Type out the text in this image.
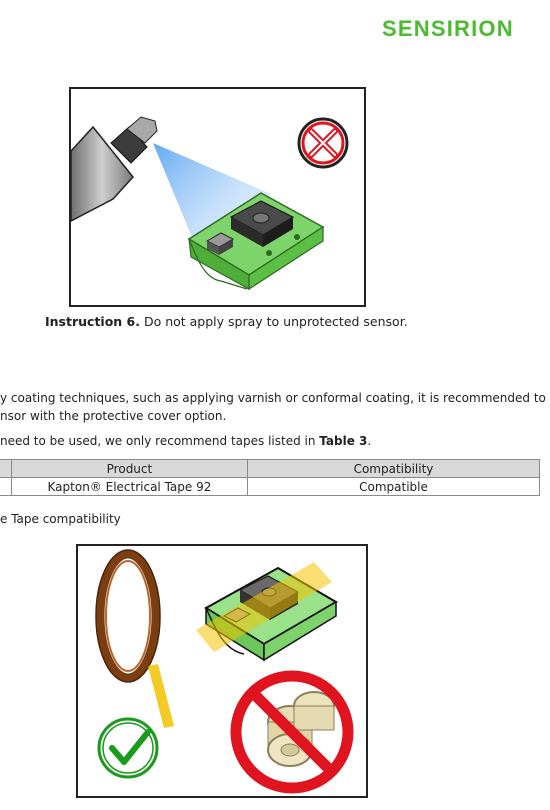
SENSIRION
Instruction 6. Do not apply spray to unprotected sensor.
y coating techniques, such as applying varnish or conformal coating, it is recommended to
nsor with the protective cover option.
need to be used, we only recommend tapes listed in Table 3.
	Product	Compatibility
	Kapton® Electrical Tape 92	Compatible
e Tape compatibility
